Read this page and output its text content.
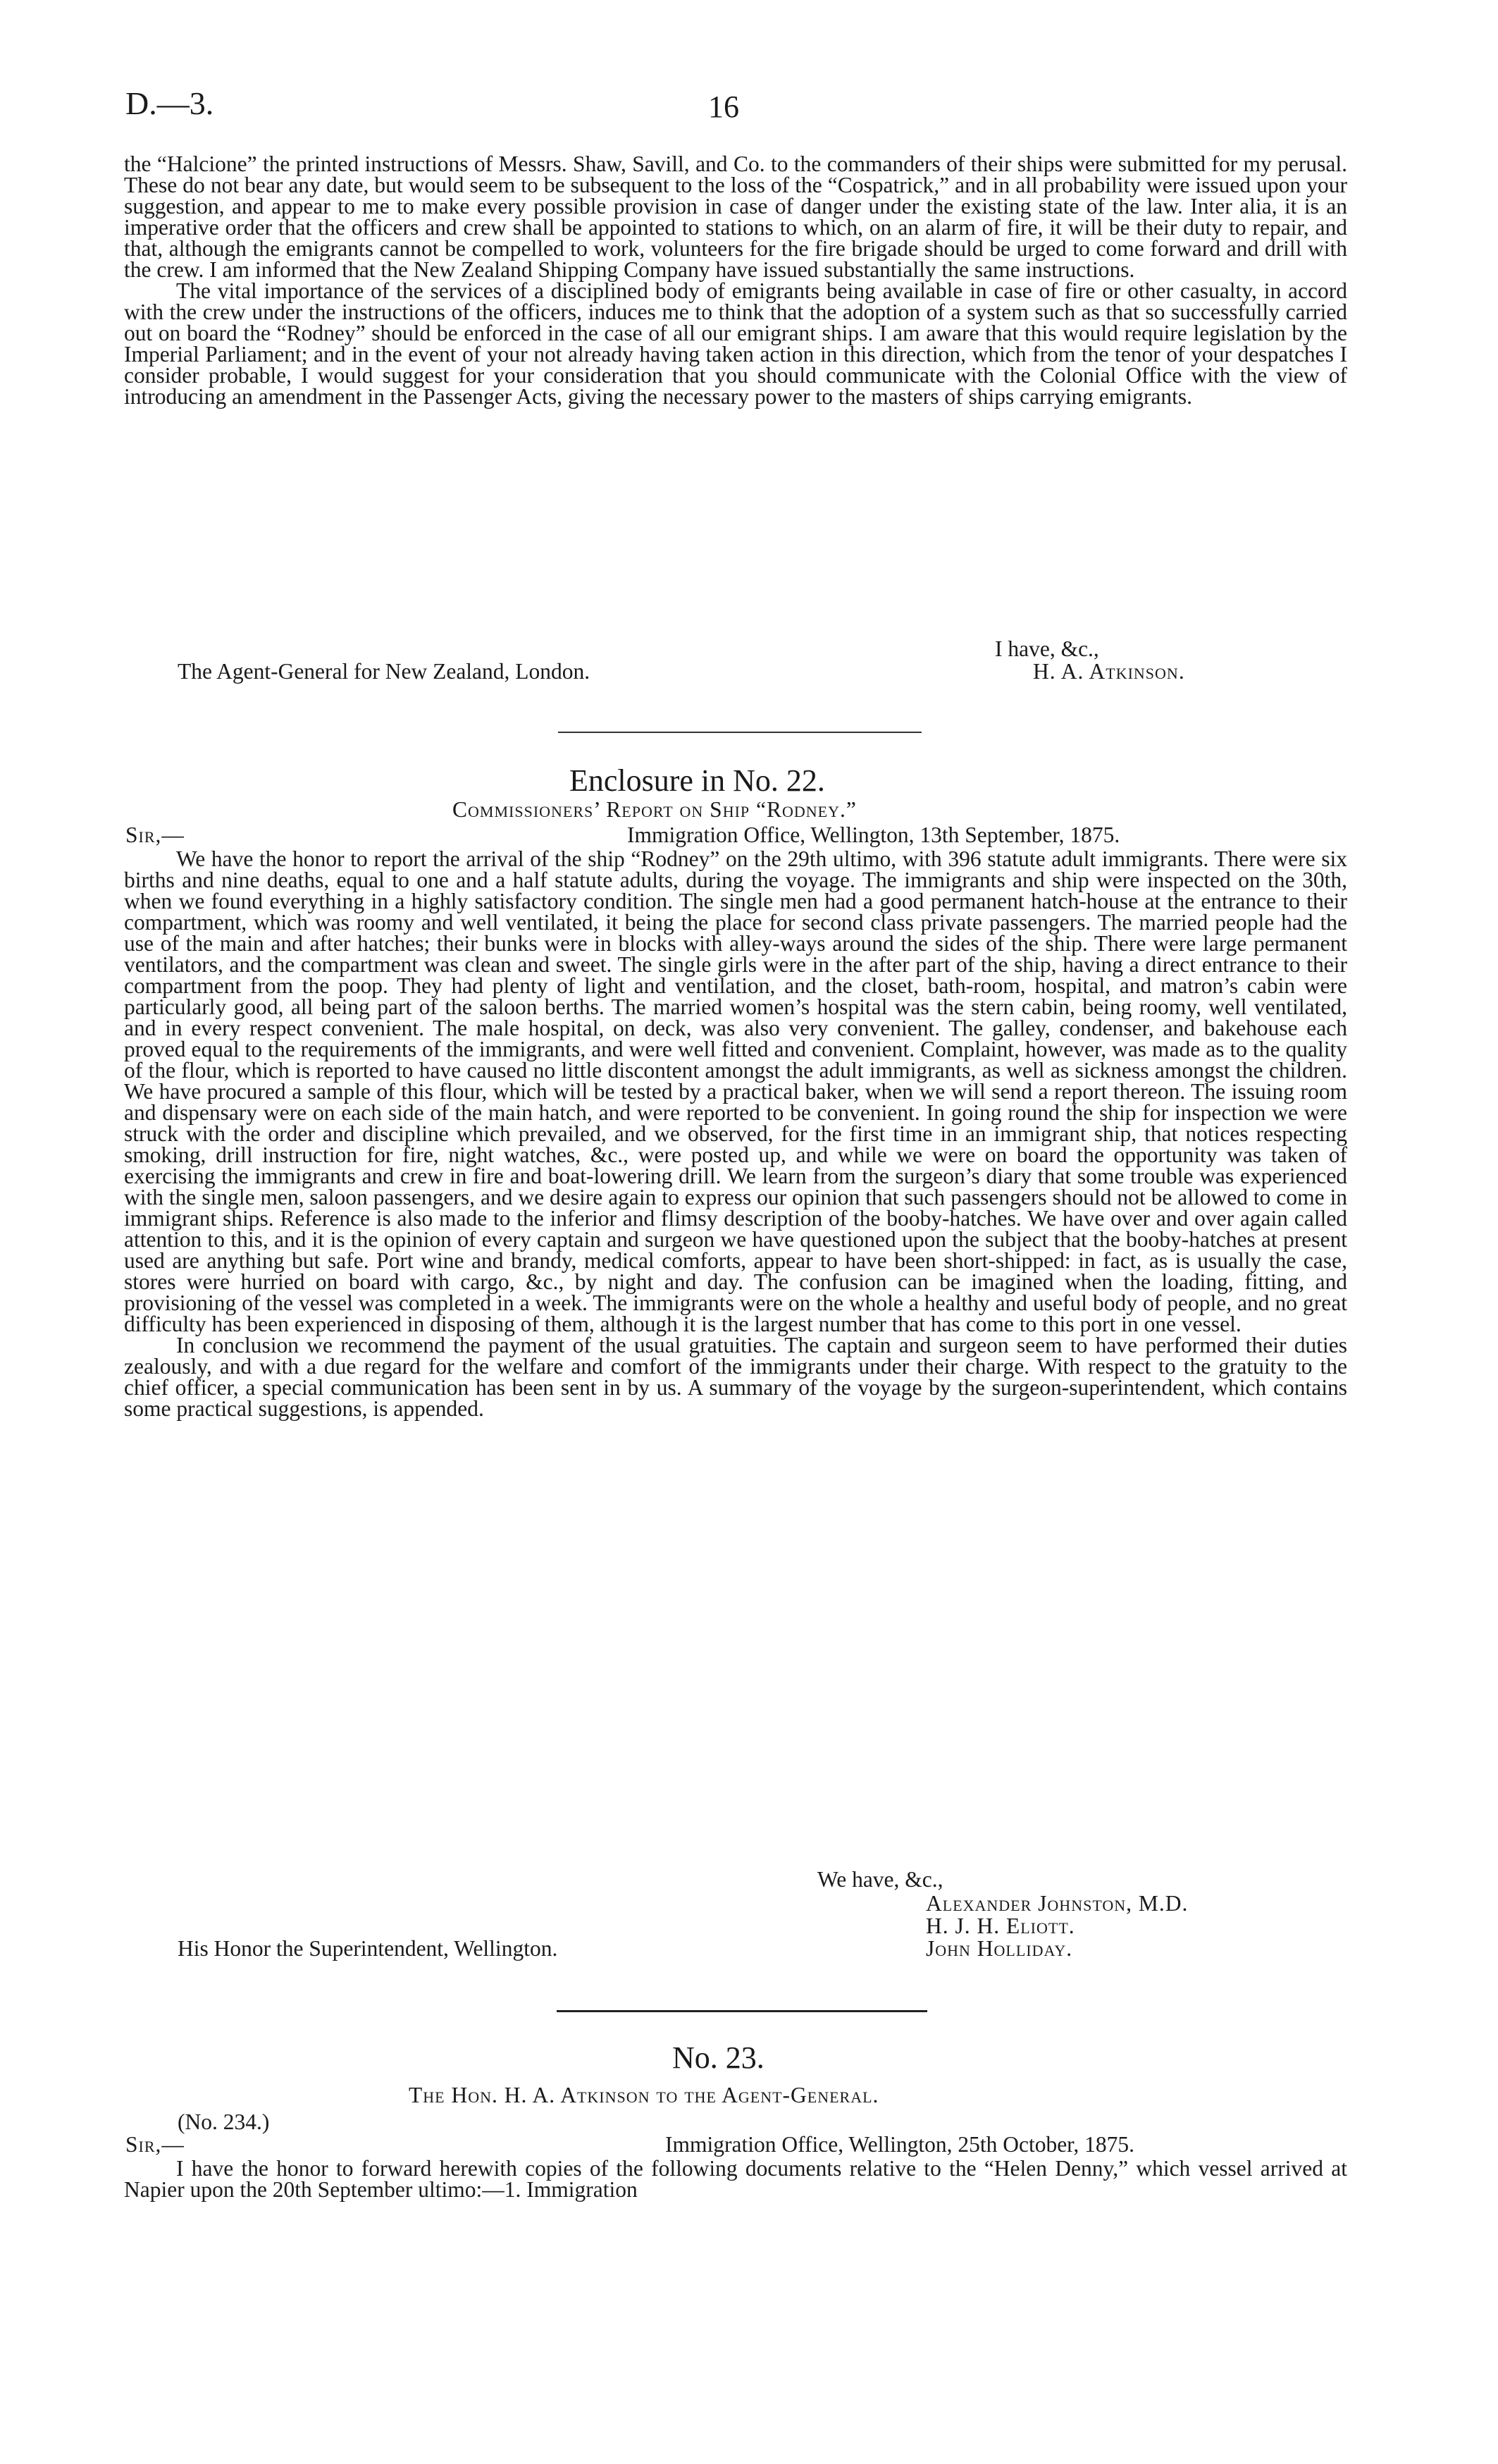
D.—3.	16

the “Halcione” the printed instructions of Messrs. Shaw, Savill, and Co. to the commanders of their ships were submitted for my perusal. These do not bear any date, but would seem to be subsequent to the loss of the “Cospatrick,” and in all probability were issued upon your suggestion, and appear to me to make every possible provision in case of danger under the existing state of the law. Inter alia, it is an imperative order that the officers and crew shall be appointed to stations to which, on an alarm of fire, it will be their duty to repair, and that, although the emigrants cannot be compelled to work, volunteers for the fire brigade should be urged to come forward and drill with the crew. I am informed that the New Zealand Shipping Company have issued substantially the same instructions.

The vital importance of the services of a disciplined body of emigrants being available in case of fire or other casualty, in accord with the crew under the instructions of the officers, induces me to think that the adoption of a system such as that so successfully carried out on board the “Rodney” should be enforced in the case of all our emigrant ships. I am aware that this would require legislation by the Imperial Parliament; and in the event of your not already having taken action in this direction, which from the tenor of your despatches I consider probable, I would suggest for your consideration that you should communicate with the Colonial Office with the view of introducing an amendment in the Passenger Acts, giving the necessary power to the masters of ships carrying emigrants.

I have, &c.,
The Agent-General for New Zealand, London.	H. A. Atkinson.
Enclosure in No. 22.
Commissioners’ Report on Ship “Rodney.”
Sir,—	Immigration Office, Wellington, 13th September, 1875.

We have the honor to report the arrival of the ship “Rodney” on the 29th ultimo, with 396 statute adult immigrants. There were six births and nine deaths, equal to one and a half statute adults, during the voyage. The immigrants and ship were inspected on the 30th, when we found everything in a highly satisfactory condition. The single men had a good permanent hatch-house at the entrance to their compartment, which was roomy and well ventilated, it being the place for second class private passengers. The married people had the use of the main and after hatches; their bunks were in blocks with alley-ways around the sides of the ship. There were large permanent ventilators, and the compartment was clean and sweet. The single girls were in the after part of the ship, having a direct entrance to their compartment from the poop. They had plenty of light and ventilation, and the closet, bath-room, hospital, and matron’s cabin were particularly good, all being part of the saloon berths. The married women’s hospital was the stern cabin, being roomy, well ventilated, and in every respect convenient. The male hospital, on deck, was also very convenient. The galley, condenser, and bakehouse each proved equal to the requirements of the immigrants, and were well fitted and convenient. Complaint, however, was made as to the quality of the flour, which is reported to have caused no little discontent amongst the adult immigrants, as well as sickness amongst the children. We have procured a sample of this flour, which will be tested by a practical baker, when we will send a report thereon. The issuing room and dispensary were on each side of the main hatch, and were reported to be convenient. In going round the ship for inspection we were struck with the order and discipline which prevailed, and we observed, for the first time in an immigrant ship, that notices respecting smoking, drill instruction for fire, night watches, &c., were posted up, and while we were on board the opportunity was taken of exercising the immigrants and crew in fire and boat-lowering drill. We learn from the surgeon’s diary that some trouble was experienced with the single men, saloon passengers, and we desire again to express our opinion that such passengers should not be allowed to come in immigrant ships. Reference is also made to the inferior and flimsy description of the booby-hatches. We have over and over again called attention to this, and it is the opinion of every captain and surgeon we have questioned upon the subject that the booby-hatches at present used are anything but safe. Port wine and brandy, medical comforts, appear to have been short-shipped: in fact, as is usually the case, stores were hurried on board with cargo, &c., by night and day. The confusion can be imagined when the loading, fitting, and provisioning of the vessel was completed in a week. The immigrants were on the whole a healthy and useful body of people, and no great difficulty has been experienced in disposing of them, although it is the largest number that has come to this port in one vessel.

In conclusion we recommend the payment of the usual gratuities. The captain and surgeon seem to have performed their duties zealously, and with a due regard for the welfare and comfort of the immigrants under their charge. With respect to the gratuity to the chief officer, a special communication has been sent in by us. A summary of the voyage by the surgeon-superintendent, which contains some practical suggestions, is appended.

We have, &c.,
Alexander Johnston, M.D.
H. J. H. Eliott.
John Holliday.
His Honor the Superintendent, Wellington.
No. 23.
The Hon. H. A. Atkinson to the Agent-General.
(No. 234.)
Sir,—	Immigration Office, Wellington, 25th October, 1875.

I have the honor to forward herewith copies of the following documents relative to the “Helen Denny,” which vessel arrived at Napier upon the 20th September ultimo:—1. Immigration
